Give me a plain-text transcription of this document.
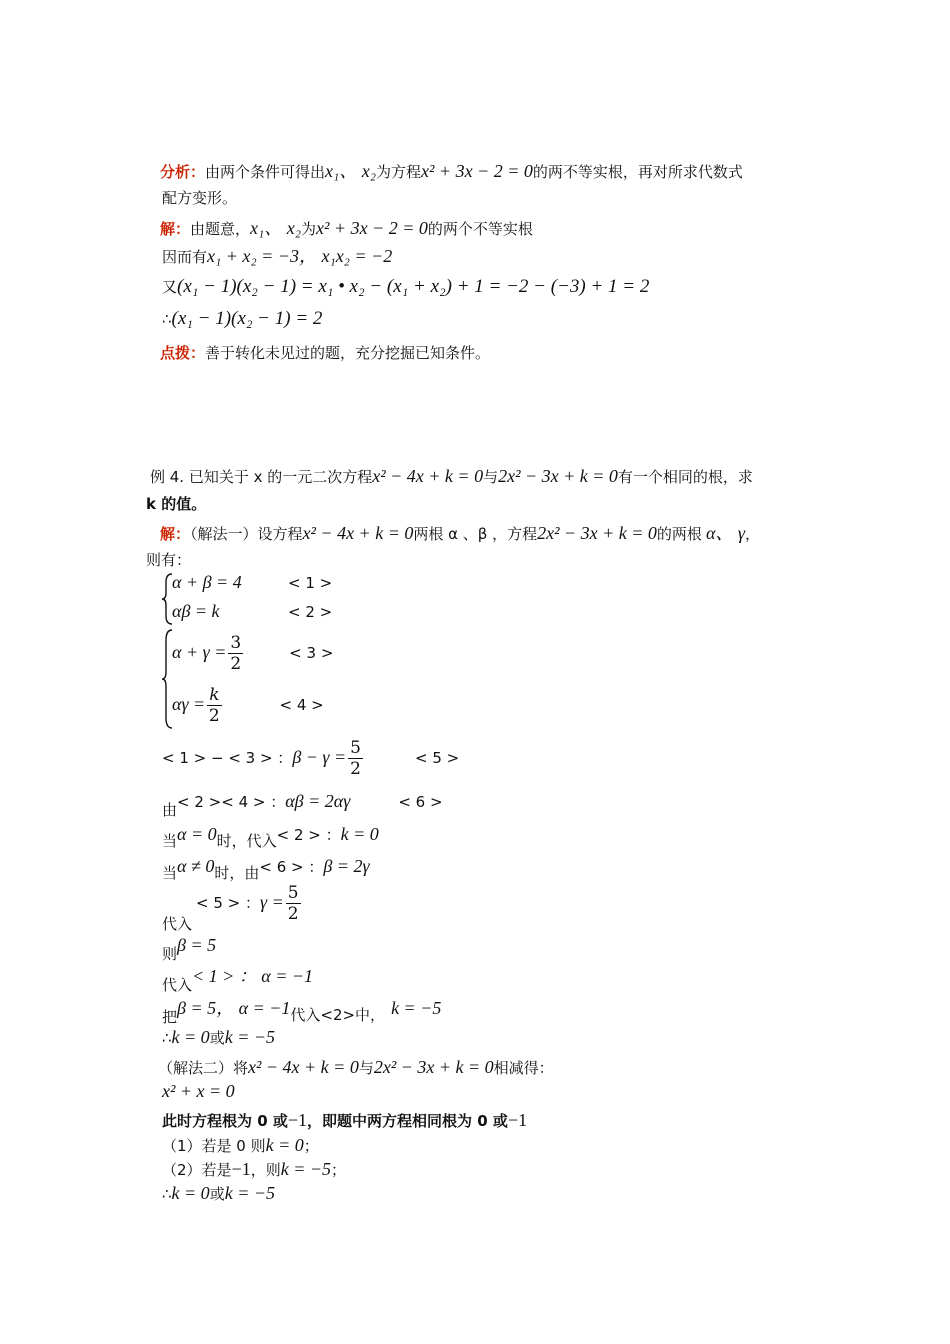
分析：由两个条件可得出x₁、 x₂为方程x² + 3x − 2 = 0的两不等实根，再对所求代数式
配方变形。
解：由题意，x₁、 x₂为x² + 3x − 2 = 0的两个不等实根
因而有x₁ + x₂ = −3， x₁x₂ = −2
又(x₁ − 1)(x₂ − 1) = x₁ • x₂ − (x₁ + x₂) + 1 = −2 − (−3) + 1 = 2
∴(x₁ − 1)(x₂ − 1) = 2
点拨：善于转化未见过的题，充分挖掘已知条件。
例 4. 已知关于 x 的一元二次方程x² − 4x + k = 0与2x² − 3x + k = 0有一个相同的根，求
k 的值。
解：（解法一）设方程x² − 4x + k = 0两根 α 、β ，方程2x² − 3x + k = 0的两根 α、 γ，
则有：
α + β = 4	< 1 >
αβ = k	< 2 >
$\alpha + \gamma = \frac{3}{2}$	< 3 >
$\alpha\gamma = \frac{k}{2}$	< 4 >
< 1 > − < 3 > ：$\beta - \gamma = \frac{5}{2}$	< 5 >
由< 2 >< 4 > ：αβ = 2αγ	< 6 >
当α = 0时，代入< 2 > ：k = 0
当α ≠ 0时，由< 6 > ：β = 2γ
< 5 > ：$\gamma = \frac{5}{2}$
代入
则β = 5
代入< 1 > ： α = −1
把β = 5， α = −1代入<2>中， k = −5
∴k = 0或k = −5
（解法二）将x² − 4x + k = 0与2x² − 3x + k = 0相减得：
x² + x = 0
此时方程根为 0 或−1，即题中两方程相同根为 0 或−1
（1）若是 0 则k = 0；
（2）若是−1，则k = −5；
∴k = 0或k = −5
